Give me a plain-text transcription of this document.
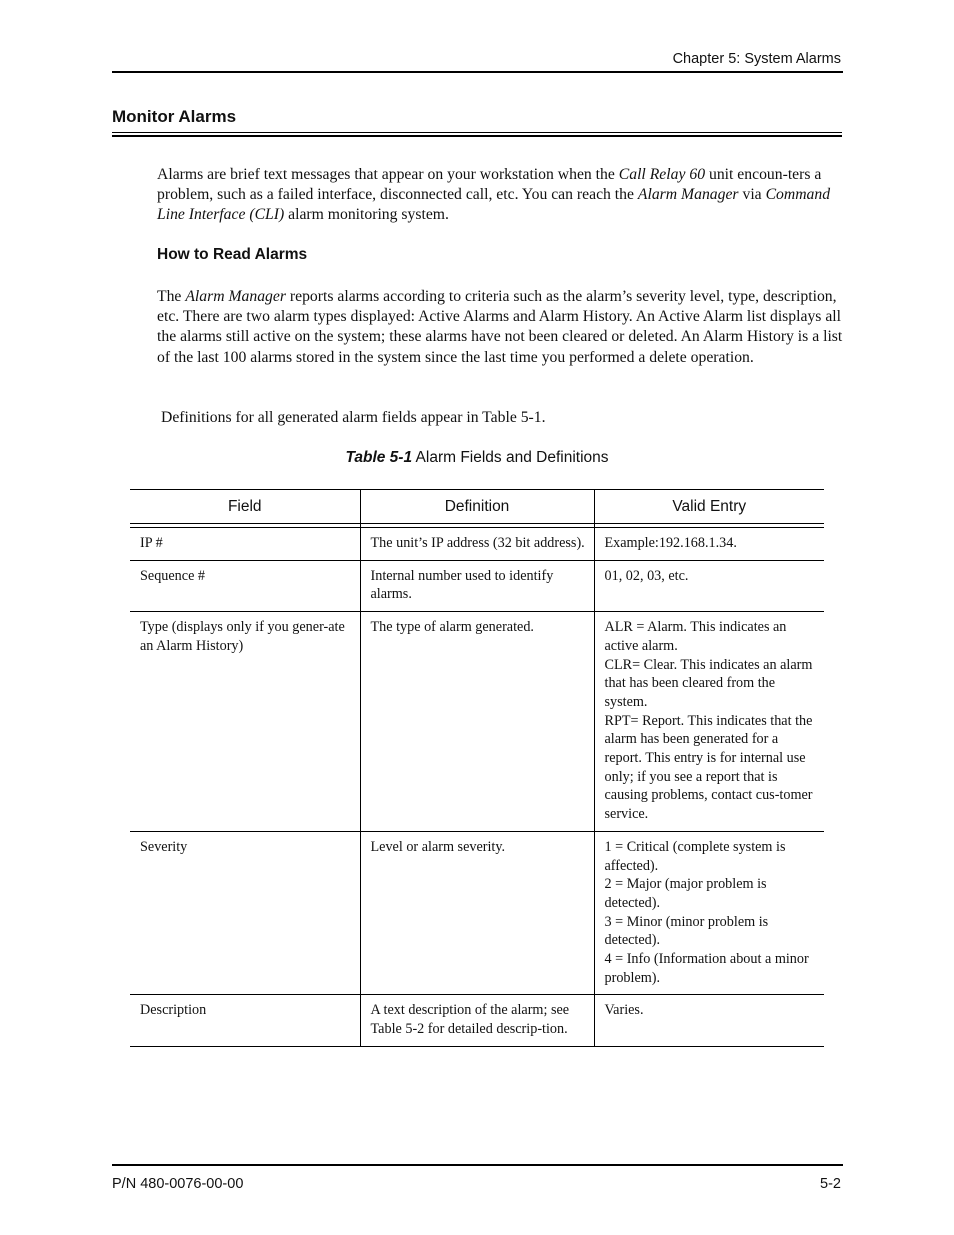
Chapter 5: System Alarms
Monitor Alarms
Alarms are brief text messages that appear on your workstation when the Call Relay 60 unit encoun-ters a problem, such as a failed interface, disconnected call, etc. You can reach the Alarm Manager via Command Line Interface (CLI) alarm monitoring system.
How to Read Alarms
The Alarm Manager reports alarms according to criteria such as the alarm’s severity level, type, description, etc. There are two alarm types displayed: Active Alarms and Alarm History. An Active Alarm list displays all the alarms still active on the system; these alarms have not been cleared or deleted. An Alarm History is a list of the last 100 alarms stored in the system since the last time you performed a delete operation.
Definitions for all generated alarm fields appear in Table 5-1.
Table 5-1 Alarm Fields and Definitions
Field	Definition	Valid Entry

IP #	The unit’s IP address (32 bit address).	Example:192.168.1.34.

Sequence #	Internal number used to identify alarms.	01, 02, 03, etc.

Type (displays only if you gener-ate an Alarm History)	The type of alarm generated.	ALR = Alarm. This indicates an active alarm.
CLR= Clear. This indicates an alarm that has been cleared from the system.
RPT= Report. This indicates that the alarm has been generated for a report. This entry is for internal use only; if you see a report that is causing problems, contact cus-tomer service.

Severity	Level or alarm severity.	1 = Critical (complete system is affected).
2 = Major (major problem is detected).
3 = Minor (minor problem is detected).
4 = Info (Information about a minor problem).

Description	A text description of the alarm; see Table 5-2 for detailed descrip-tion.	Varies.
P/N 480-0076-00-00	5-2
